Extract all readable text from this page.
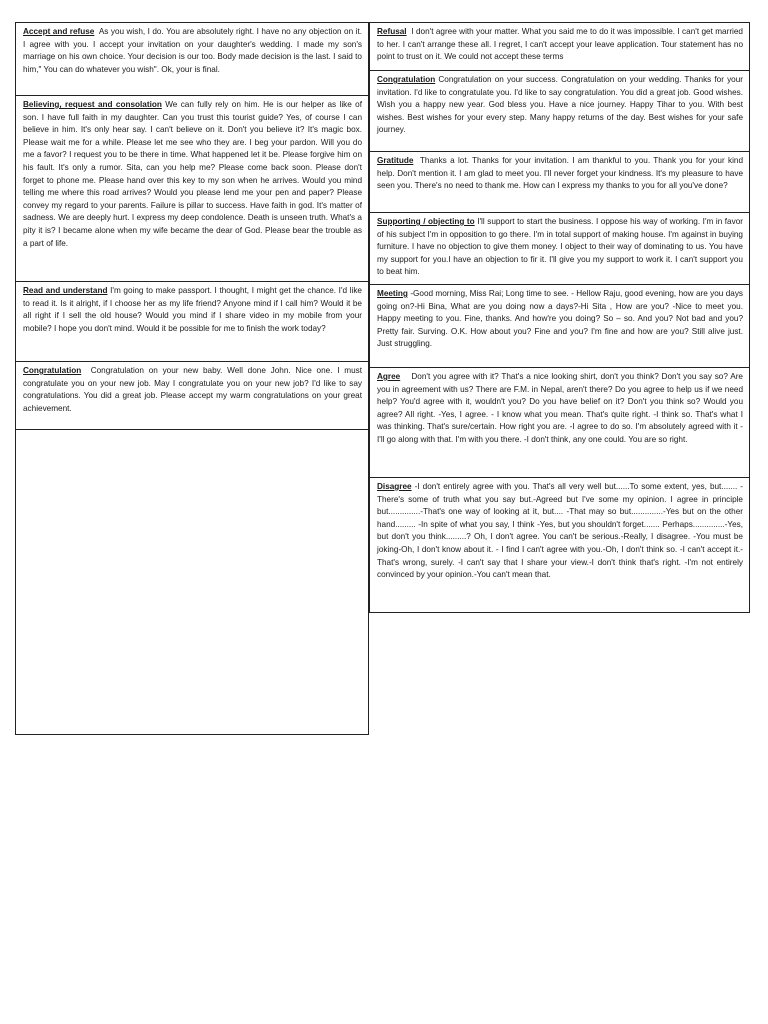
Accept and refuse As you wish, I do. You are absolutely right. I have no any objection on it. I agree with you. I accept your invitation on your daughter's wedding. I made my son's marriage on his own choice. Your decision is our too. Body made decision is the last. I said to him," You can do whatever you wish". Ok, your is final.
Believing, request and consolation We can fully rely on him. He is our helper as like of son. I have full faith in my daughter. Can you trust this tourist guide? Yes, of course I can believe in him. It's only hear say. I can't believe on it. Don't you believe it? It's magic box. Please wait me for a while. Please let me see who they are. I beg your pardon. Will you do me a favor? I request you to be there in time. What happened let it be. Please forgive him on his fault. It's only a rumor. Sita, can you help me? Please come back soon. Please don't forget to phone me. Please hand over this key to my son when he arrives. Would you mind telling me where this road arrives? Would you please lend me your pen and paper? Please convey my regard to your parents. Failure is pillar to success. Have faith in god. It's matter of sadness. We are deeply hurt. I express my deep condolence. Death is unseen truth. What's a pity it is? I became alone when my wife became the dear of God. Please bear the trouble as a part of life.
Read and understand I'm going to make passport. I thought, I might get the chance. I'd like to read it. Is it alright, if I choose her as my life friend? Anyone mind if I call him? Would it be all right if I sell the old house? Would you mind if I share video in my mobile from your mobile? I hope you don't mind. Would it be possible for me to finish the work today?
Congratulation Congratulation on your new baby. Well done John. Nice one. I must congratulate you on your new job. May I congratulate you on your new job? I'd like to say congratulations. You did a great job. Please accept my warm congratulations on your great achievement.
Refusal I don't agree with your matter. What you said me to do it was impossible. I can't get married to her. I can't arrange these all. I regret, I can't accept your leave application. Tour statement has no point to trust on it. We could not accept these terms
Congratulation Congratulation on your success. Congratulation on your wedding. Thanks for your invitation. I'd like to congratulate you. I'd like to say congratulation. You did a great job. Good wishes. Wish you a happy new year. God bless you. Have a nice journey. Happy Tihar to you. With best wishes. Best wishes for your every step. Many happy returns of the day. Best wishes for your safe journey.
Gratitude Thanks a lot. Thanks for your invitation. I am thankful to you. Thank you for your kind help. Don't mention it. I am glad to meet you. I'll never forget your kindness. It's my pleasure to have seen you. There's no need to thank me. How can I express my thanks to you for all you've done?
Supporting / objecting to I'll support to start the business. I oppose his way of working. I'm in favor of his subject I'm in opposition to go there. I'm in total support of making house. I'm against in buying furniture. I have no objection to give them money. I object to their way of dominating to us. You have my support for you.I have an objection to fir it. I'll give you my support to work it. I can't support you to beat him.
Meeting -Good morning, Miss Rai; Long time to see. - Hellow Raju, good evening, how are you days going on?-Hi Bina, What are you doing now a days?-Hi Sita , How are you? -Nice to meet you. Happy meeting to you. Fine, thanks. And how're you doing? So – so. And you? Not bad and you?Pretty fair. Surving. O.K. How about you? Fine and you? I'm fine and how are you? Still alive just. Just struggling.
Agree Don't you agree with it? That's a nice looking shirt, don't you think? Don't you say so? Are you in agreement with us? There are F.M. in Nepal, aren't there? Do you agree to help us if we need help? You'd agree with it, wouldn't you? Do you have belief on it? Don't you think so? Would you agree? All right. -Yes, I agree. - I know what you mean. That's quite right. -I think so. That's what I was thinking. That's sure/certain. How right you are. -I agree to do so. I'm absolutely agreed with it -I'll go along with that. I'm with you there. -I don't think, any one could. You are so right.
Disagree -I don't entirely agree with you. That's all very well but......To some extent, yes, but....... -There's some of truth what you say but.-Agreed but I've some my opinion. I agree in principle but..............-That's one way of looking at it, but.... -That may so but..............-Yes but on the other hand......... -In spite of what you say, I think -Yes, but you shouldn't forget....... Perhaps..............-Yes, but don't you think.........? Oh, I don't agree. You can't be serious.-Really, I disagree. -You must be joking-Oh, I don't know about it. - I find I can't agree with you.-Oh, I don't think so. -I can't accept it.-That's wrong, surely. -I can't say that I share your view.-I don't think that's right. -I'm not entirely convinced by your opinion.-You can't mean that.
